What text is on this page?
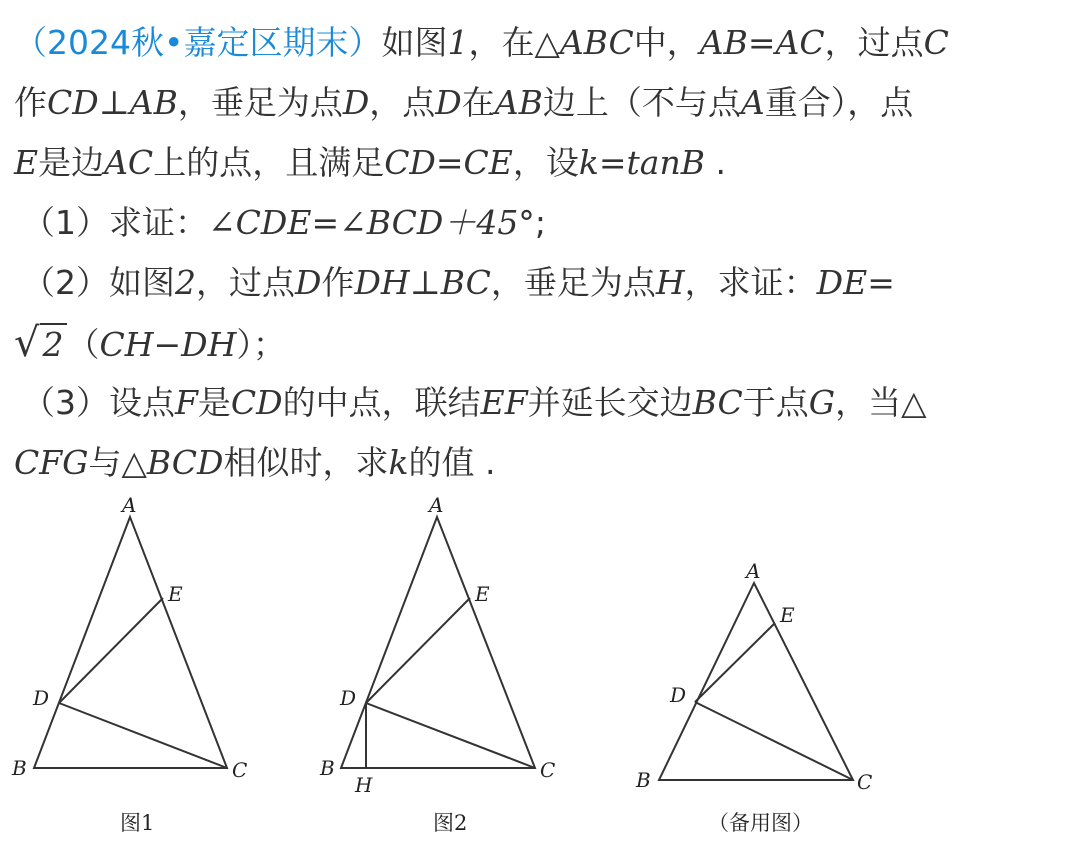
（2024秋•嘉定区期末）如图1，在△ABC中，AB=AC，过点C
作CD⊥AB，垂足为点D，点D在AB边上（不与点A重合），点
E是边AC上的点，且满足CD=CE，设k=tanB .
（1）求证：∠CDE=∠BCD＋45°;
（2）如图2，过点D作DH⊥BC，垂足为点H，求证：DE=
√2（CH−DH）；
（3）设点F是CD的中点，联结EF并延长交边BC于点G，当△
CFG与△BCD相似时，求k的值 .
A
E
D
B	C
图1
A
E
D
B
H
C
图2
A
E
D
B	C
（备用图）
